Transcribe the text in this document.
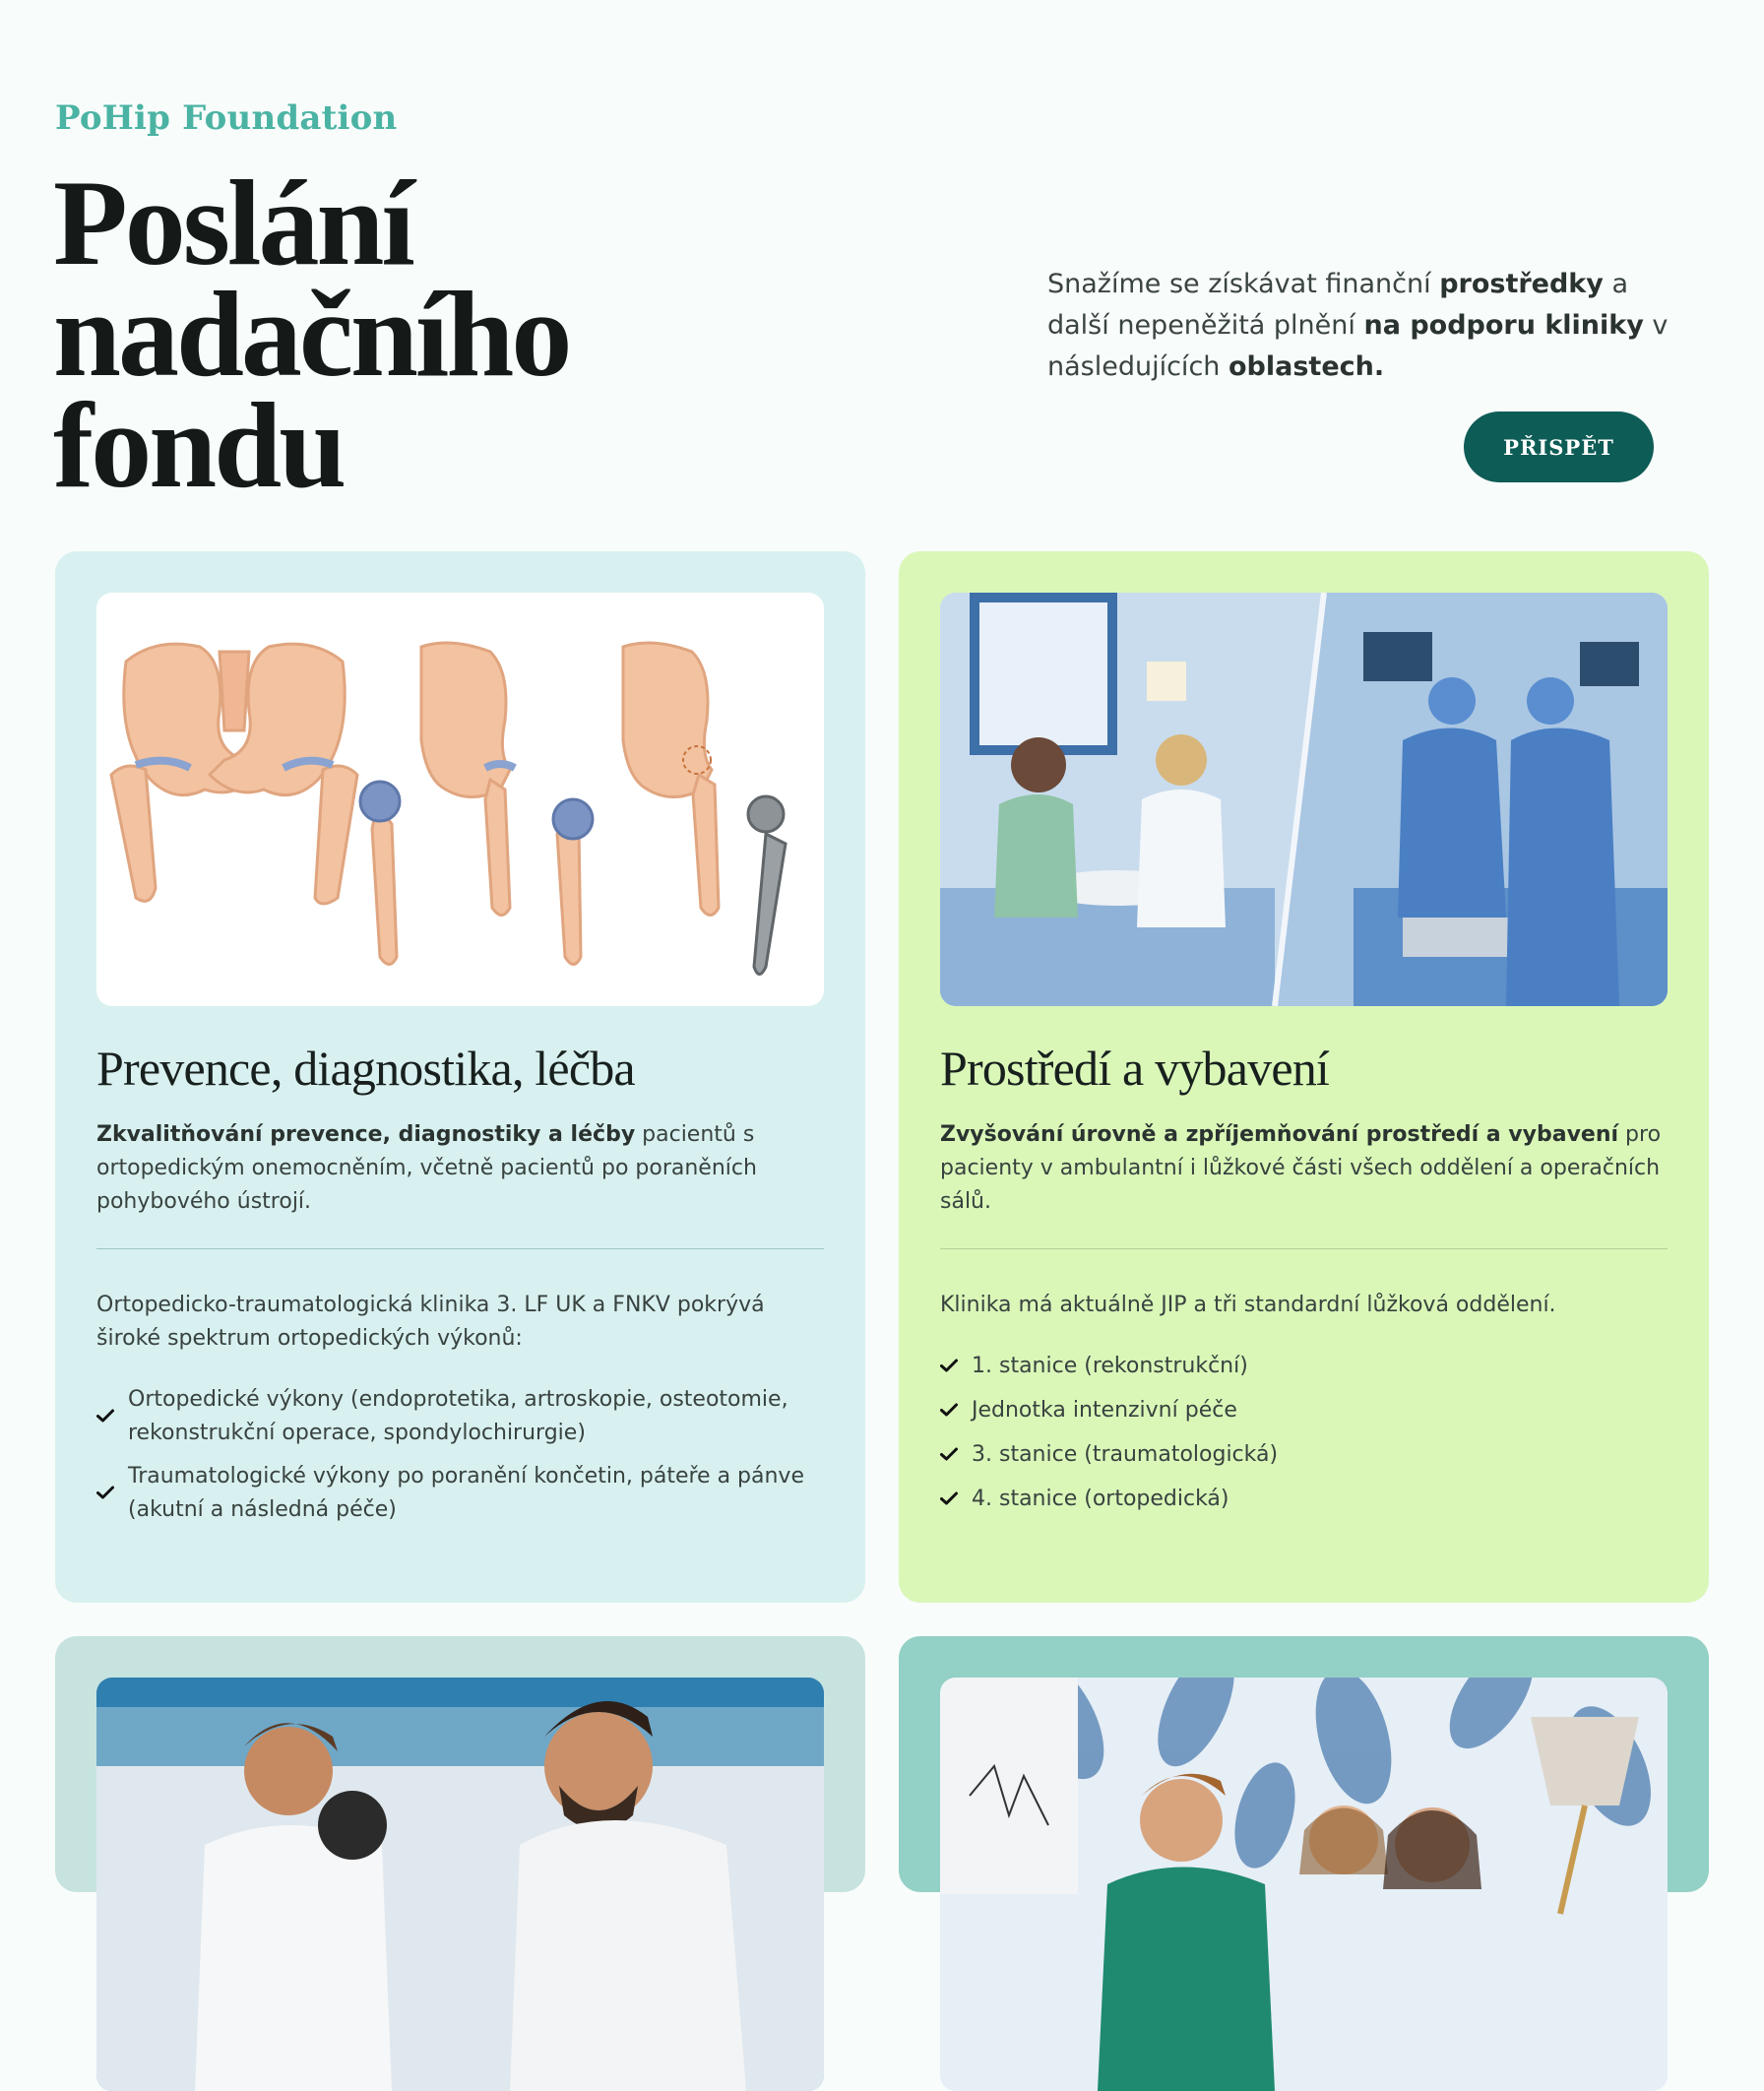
PoHip Foundation
Poslání
nadačního
fondu

Snažíme se získávat finanční prostředky a další nepeněžitá plnění na podporu kliniky v následujících oblastech.

PŘISPĚT
Prevence, diagnostika, léčba

Zkvalitňování prevence, diagnostiky a léčby pacientů s ortopedickým onemocněním, včetně pacientů po poraněních pohybového ústrojí.

Ortopedicko-traumatologická klinika 3. LF UK a FNKV pokrývá široké spektrum ortopedických výkonů:

Ortopedické výkony (endoprotetika, artroskopie, osteotomie, rekonstrukční operace, spondylochirurgie)
Traumatologické výkony po poranění končetin, páteře a pánve (akutní a následná péče)
Prostředí a vybavení

Zvyšování úrovně a zpříjemňování prostředí a vybavení pro pacienty v ambulantní i lůžkové části všech oddělení a operačních sálů.

Klinika má aktuálně JIP a tři standardní lůžková oddělení.

1. stanice (rekonstrukční)
Jednotka intenzivní péče
3. stanice (traumatologická)
4. stanice (ortopedická)
